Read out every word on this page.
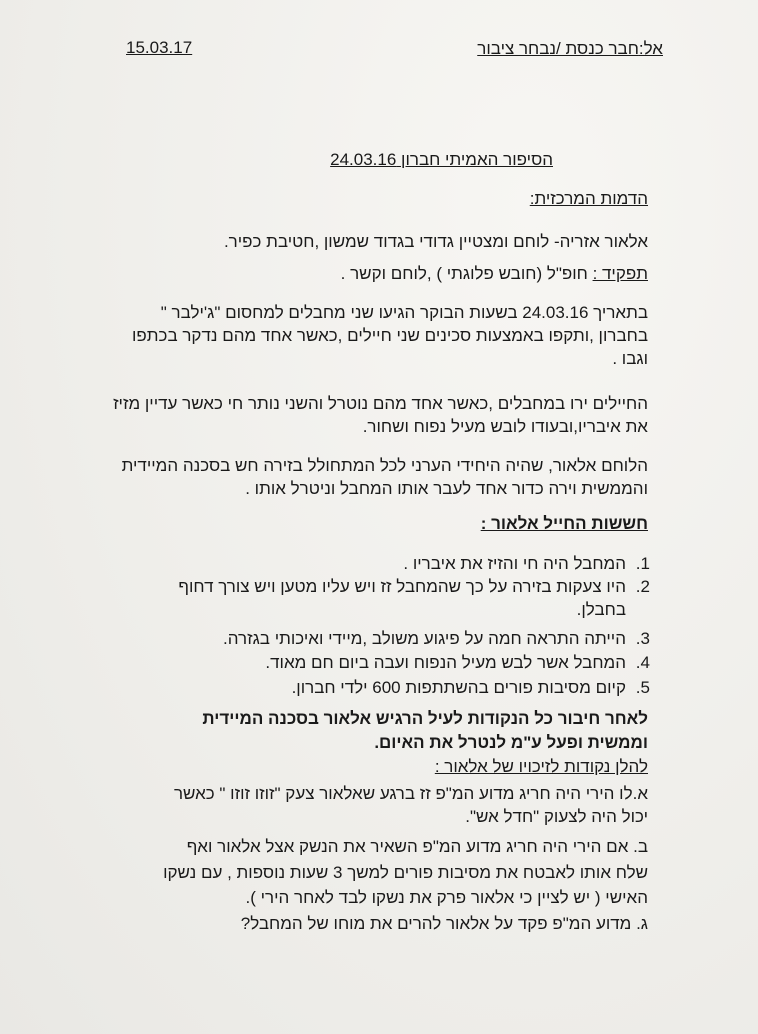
אל:חבר כנסת /נבחר ציבור
15.03.17
הסיפור האמיתי חברון 24.03.16
הדמות המרכזית:
אלאור אזריה- לוחם ומצטיין גדודי בגדוד שמשון ,חטיבת כפיר.
תפקיד : חופ"ל (חובש פלוגתי ) ,לוחם וקשר .
בתאריך 24.03.16 בשעות הבוקר הגיעו שני מחבלים למחסום "ג'ילבר "
בחברון ,ותקפו באמצעות סכינים שני חיילים ,כאשר אחד מהם נדקר בכתפו
וגבו .
החיילים ירו במחבלים ,כאשר אחד מהם נוטרל והשני נותר חי כאשר עדיין מזיז
את איבריו,ובעודו לובש מעיל נפוח ושחור.
הלוחם אלאור, שהיה היחידי הערני לכל המתחולל בזירה חש בסכנה המיידית
והממשית וירה כדור אחד לעבר אותו המחבל וניטרל אותו .
חששות החייל אלאור :
1.המחבל היה חי והזיז את איבריו .
2.היו צעקות בזירה על כך שהמחבל זז ויש עליו מטען ויש צורך דחוף
בחבלן.
3.הייתה התראה חמה על פיגוע משולב ,מיידי ואיכותי בגזרה.
4.המחבל אשר לבש מעיל הנפוח ועבה ביום חם מאוד.
5.קיום מסיבות פורים בהשתתפות 600 ילדי חברון.
לאחר חיבור כל הנקודות לעיל הרגיש אלאור בסכנה המיידית
וממשית ופעל ע"מ לנטרל את האיום.
להלן נקודות לזיכויו של אלאור :
א.לו הירי היה חריג מדוע המ"פ זז ברגע שאלאור צעק "זוזו זוזו " כאשר
יכול היה לצעוק "חדל אש".
ב. אם הירי היה חריג מדוע המ"פ השאיר את הנשק אצל אלאור ואף
שלח אותו לאבטח את מסיבות פורים למשך 3 שעות נוספות , עם נשקו
האישי ( יש לציין כי אלאור פרק את נשקו לבד לאחר הירי ).
ג. מדוע המ"פ פקד על אלאור להרים את מוחו של המחבל?
